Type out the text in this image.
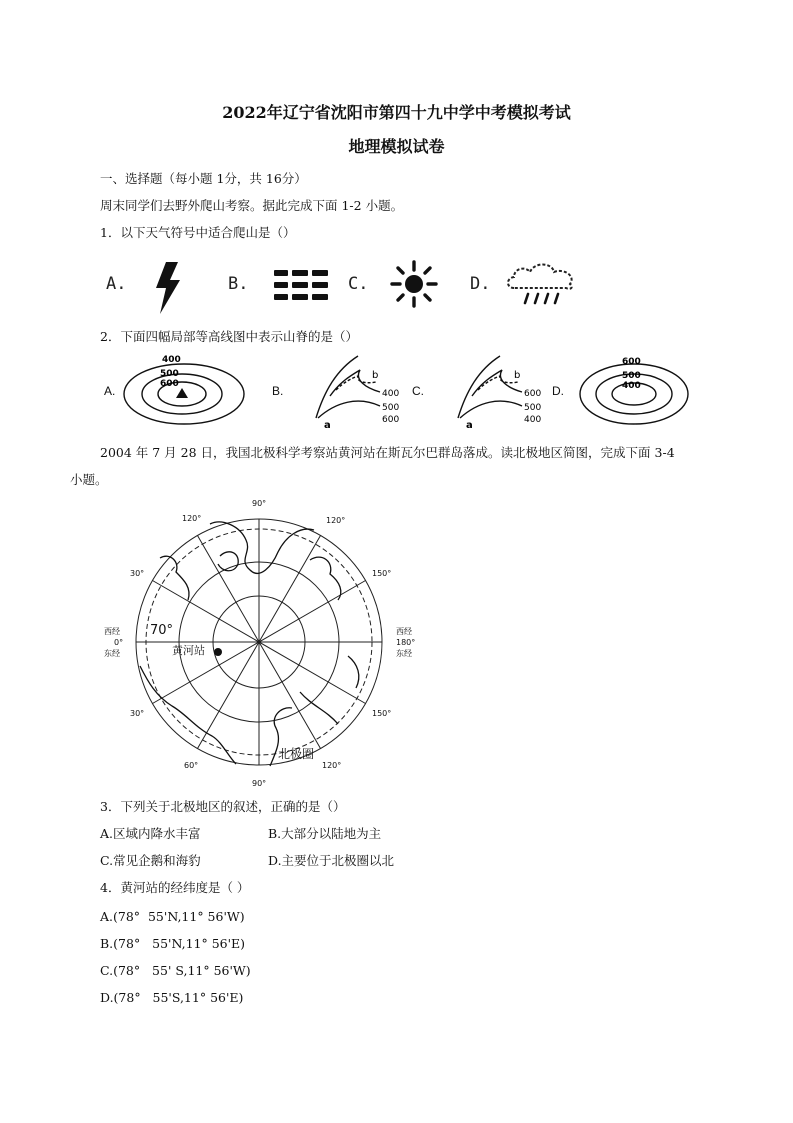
2022年辽宁省沈阳市第四十九中学中考模拟考试
地理模拟试卷
一、选择题（每小题 1分，共 16分）
周末同学们去野外爬山考察。据此完成下面 1-2 小题。
1．以下天气符号中适合爬山是（）
A.	B.	C.	D.
2．下面四幅局部等高线图中表示山脊的是（）
A.
400
500
600	B.
b
400
500
600
a
C.
b
600
500
400
a
D.
600
500
400
2004 年 7 月 28 日，我国北极科学考察站黄河站在斯瓦尔巴群岛落成。读北极地区简图，完成下面 3-4
小题。
120°
90°
120°
30°	150°
西经
180°
东经
西经
0°
东经
30°	150°
60°
90°
120°
70°
黄河站
北极圈
3．下列关于北极地区的叙述，正确的是（）
A.区域内降水丰富	B.大部分以陆地为主
C.常见企鹅和海豹	D.主要位于北极圈以北
4．黄河站的经纬度是（ ）
A.(78°  55'N,11° 56'W)
B.(78°   55'N,11° 56'E)
C.(78°   55' S,11° 56'W)
D.(78°   55'S,11° 56'E)
